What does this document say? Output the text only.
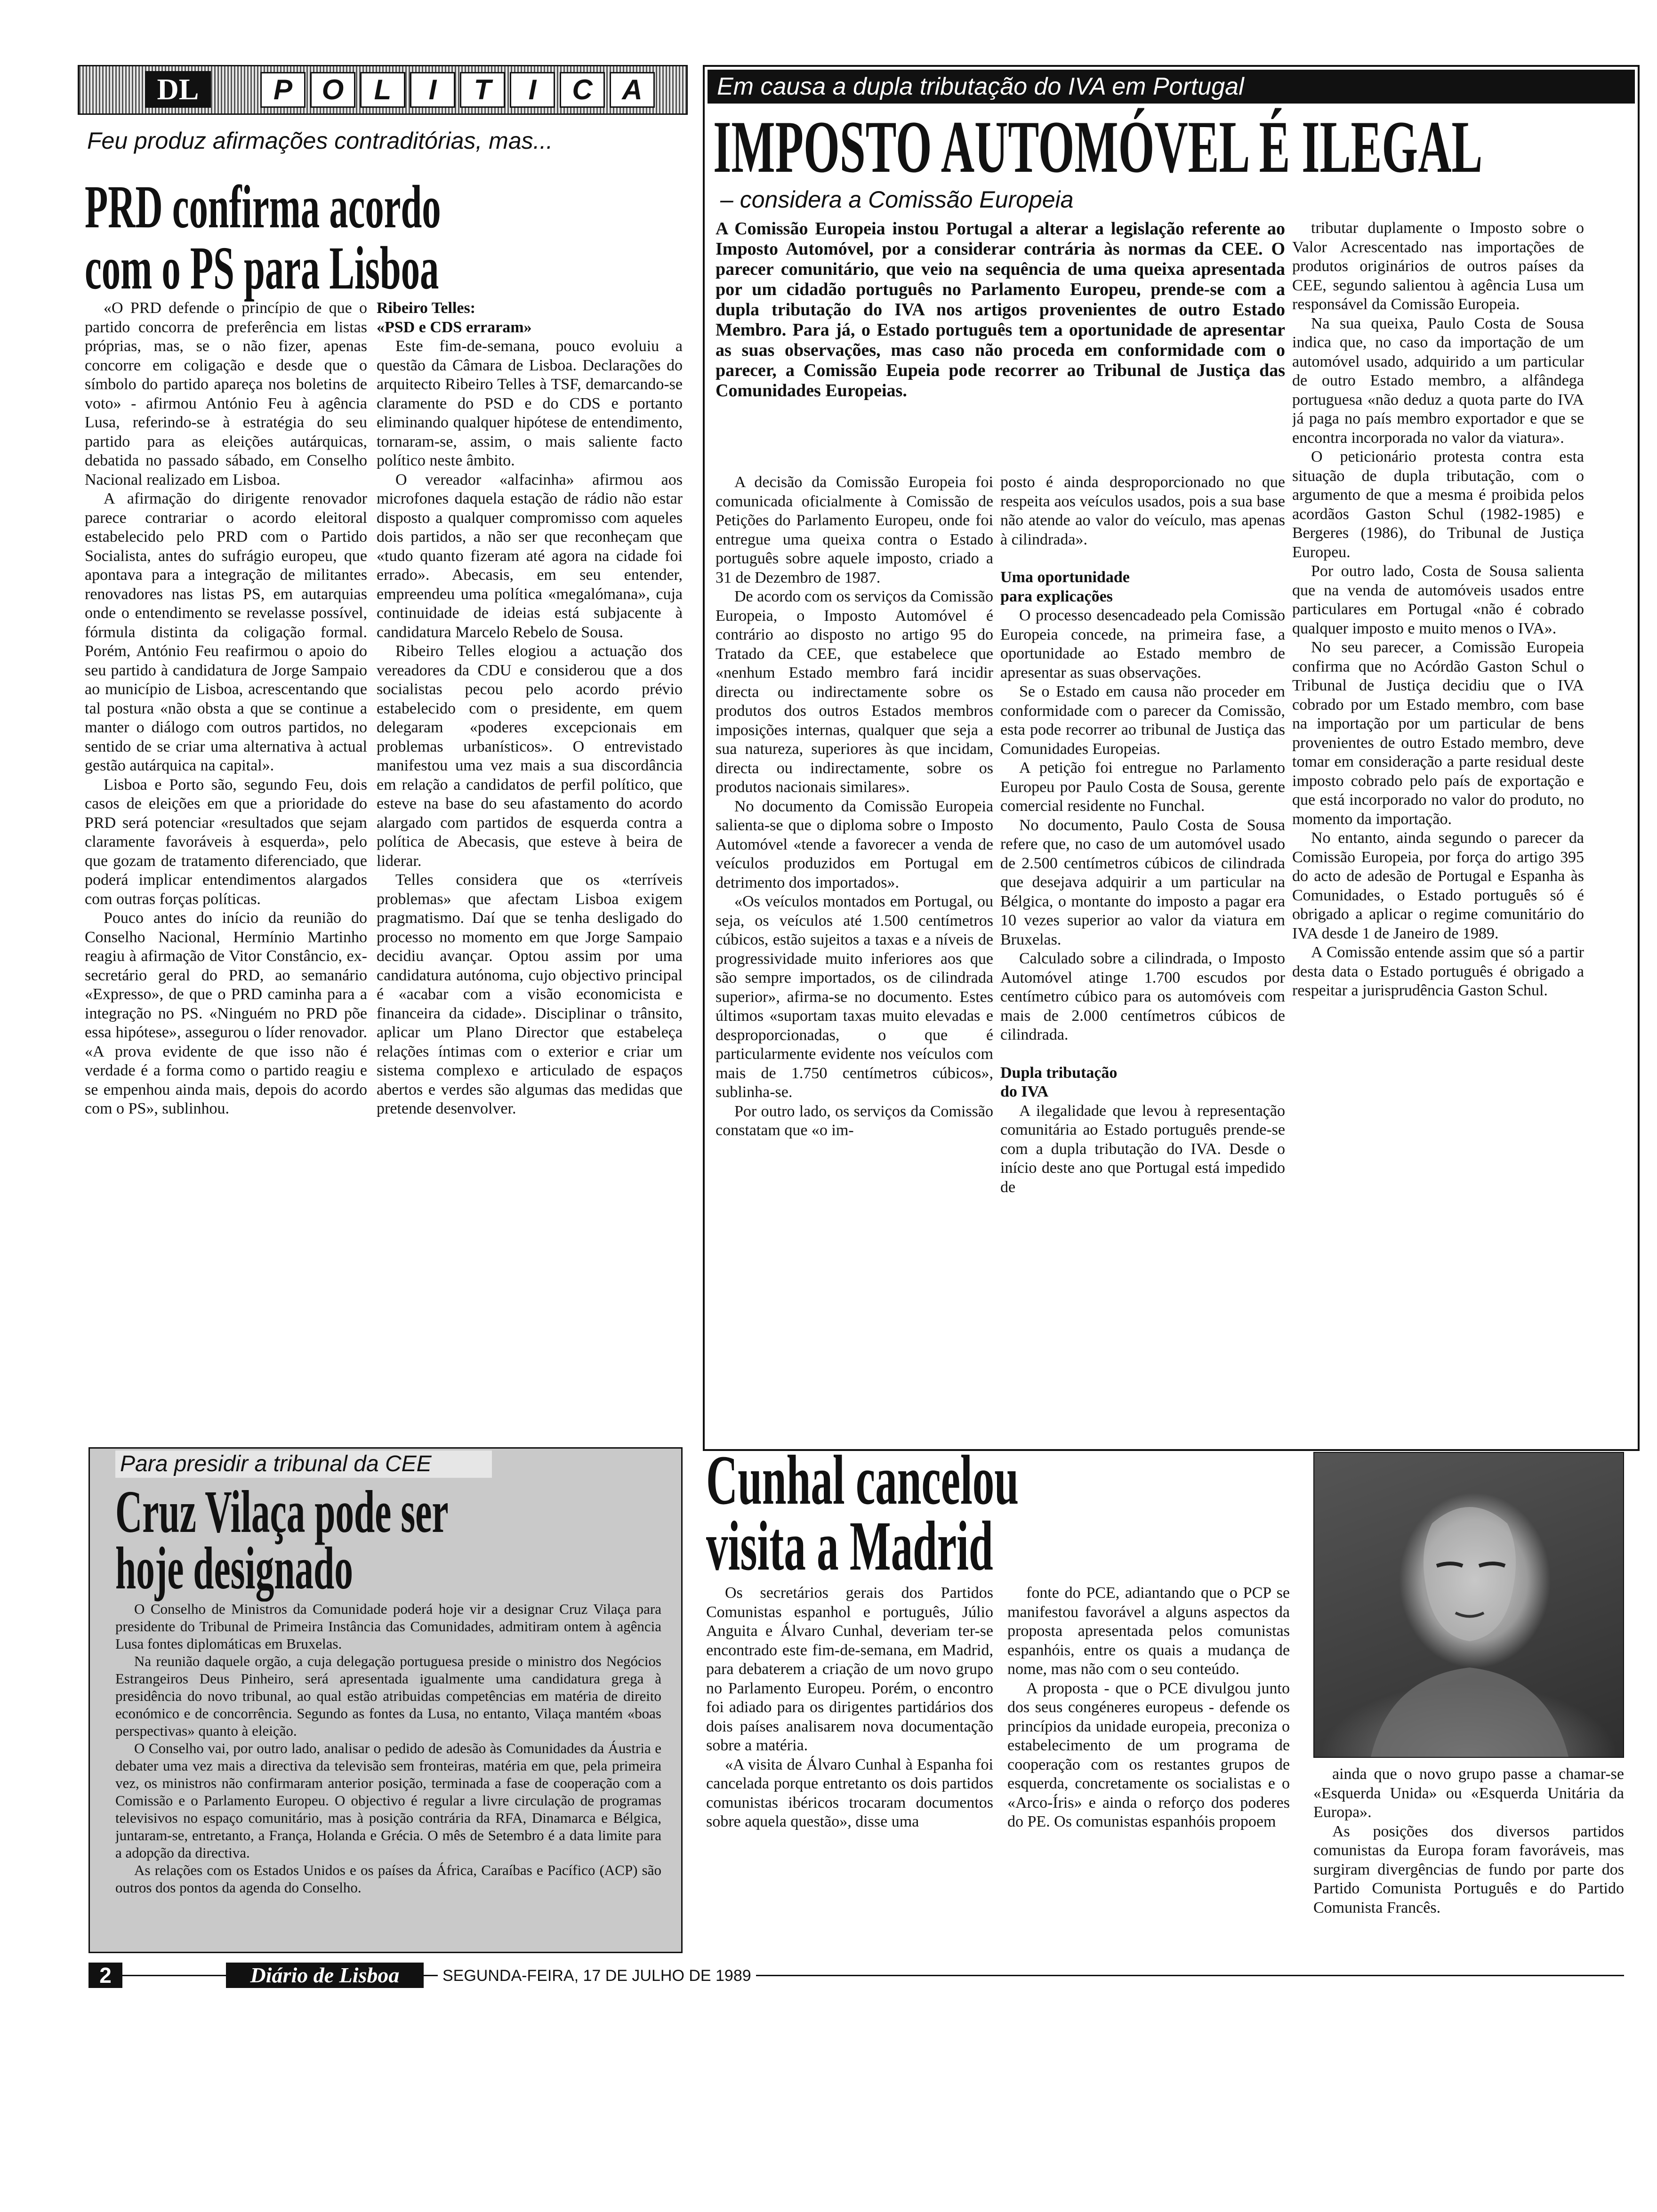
DL	P	O	L	I	T	I	C	A
Feu produz afirmações contraditórias, mas...
PRD confirma acordo
com o PS para Lisboa

«O PRD defende o princípio de que o partido concorra de preferência em listas próprias, mas, se o não fizer, apenas concorre em coligação e desde que o símbolo do partido apareça nos boletins de voto» - afirmou António Feu à agência Lusa, referindo-se à estratégia do seu partido para as eleições autárquicas, debatida no passado sábado, em Conselho Nacional realizado em Lisboa.

A afirmação do dirigente renovador parece contrariar o acordo eleitoral estabelecido pelo PRD com o Partido Socialista, antes do sufrágio europeu, que apontava para a integração de militantes renovadores nas listas PS, em autarquias onde o entendimento se revelasse possível, fórmula distinta da coligação formal. Porém, António Feu reafirmou o apoio do seu partido à candidatura de Jorge Sampaio ao município de Lisboa, acrescentando que tal postura «não obsta a que se continue a manter o diálogo com outros partidos, no sentido de se criar uma alternativa à actual gestão autárquica na capital».

Lisboa e Porto são, segundo Feu, dois casos de eleições em que a prioridade do PRD será potenciar «resultados que sejam claramente favoráveis à esquerda», pelo que gozam de tratamento diferenciado, que poderá implicar entendimentos alargados com outras forças políticas.

Pouco antes do início da reunião do Conselho Nacional, Hermínio Martinho reagiu à afirmação de Vitor Constâncio, ex-secretário geral do PRD, ao semanário «Expresso», de que o PRD caminha para a integração no PS. «Ninguém no PRD põe essa hipótese», assegurou o líder renovador. «A prova evidente de que isso não é verdade é a forma como o partido reagiu e se empenhou ainda mais, depois do acordo com o PS», sublinhou.

Ribeiro Telles:
«PSD e CDS erraram»

Este fim-de-semana, pouco evoluiu a questão da Câmara de Lisboa. Declarações do arquitecto Ribeiro Telles à TSF, demarcando-se claramente do PSD e do CDS e portanto eliminando qualquer hipótese de entendimento, tornaram-se, assim, o mais saliente facto político neste âmbito.

O vereador «alfacinha» afirmou aos microfones daquela estação de rádio não estar disposto a qualquer compromisso com aqueles dois partidos, a não ser que reconheçam que «tudo quanto fizeram até agora na cidade foi errado». Abecasis, em seu entender, empreendeu uma política «megalómana», cuja continuidade de ideias está subjacente à candidatura Marcelo Rebelo de Sousa.

Ribeiro Telles elogiou a actuação dos vereadores da CDU e considerou que a dos socialistas pecou pelo acordo prévio estabelecido com o presidente, em quem delegaram «poderes excepcionais em problemas urbanísticos». O entrevistado manifestou uma vez mais a sua discordância em relação a candidatos de perfil político, que esteve na base do seu afastamento do acordo alargado com partidos de esquerda contra a política de Abecasis, que esteve à beira de liderar.

Telles considera que os «terríveis problemas» que afectam Lisboa exigem pragmatismo. Daí que se tenha desligado do processo no momento em que Jorge Sampaio decidiu avançar. Optou assim por uma candidatura autónoma, cujo objectivo principal é «acabar com a visão economicista e financeira da cidade». Disciplinar o trânsito, aplicar um Plano Director que estabeleça relações íntimas com o exterior e criar um sistema complexo e articulado de espaços abertos e verdes são algumas das medidas que pretende desenvolver.

Em causa a dupla tributação do IVA em Portugal
IMPOSTO AUTOMÓVEL É ILEGAL
– considera a Comissão Europeia
A Comissão Europeia instou Portugal a alterar a legislação referente ao Imposto Automóvel, por a considerar contrária às normas da CEE. O parecer comunitário, que veio na sequência de uma queixa apresentada por um cidadão português no Parlamento Europeu, prende-se com a dupla tributação do IVA nos artigos provenientes de outro Estado Membro. Para já, o Estado português tem a oportunidade de apresentar as suas observações, mas caso não proceda em conformidade com o parecer, a Comissão Eupeia pode recorrer ao Tribunal de Justiça das Comunidades Europeias.

A decisão da Comissão Europeia foi comunicada oficialmente à Comissão de Petições do Parlamento Europeu, onde foi entregue uma queixa contra o Estado português sobre aquele imposto, criado a 31 de Dezembro de 1987.

De acordo com os serviços da Comissão Europeia, o Imposto Automóvel é contrário ao disposto no artigo 95 do Tratado da CEE, que estabelece que «nenhum Estado membro fará incidir directa ou indirectamente sobre os produtos dos outros Estados membros imposições internas, qualquer que seja a sua natureza, superiores às que incidam, directa ou indirectamente, sobre os produtos nacionais similares».

No documento da Comissão Europeia salienta-se que o diploma sobre o Imposto Automóvel «tende a favorecer a venda de veículos produzidos em Portugal em detrimento dos importados».

«Os veículos montados em Portugal, ou seja, os veículos até 1.500 centímetros cúbicos, estão sujeitos a taxas e a níveis de progressividade muito inferiores aos que são sempre importados, os de cilindrada superior», afirma-se no documento. Estes últimos «suportam taxas muito elevadas e desproporcionadas, o que é particularmente evidente nos veículos com mais de 1.750 centímetros cúbicos», sublinha-se.

Por outro lado, os serviços da Comissão constatam que «o im-

posto é ainda desproporcionado no que respeita aos veículos usados, pois a sua base não atende ao valor do veículo, mas apenas à cilindrada».

Uma oportunidade
para explicações

O processo desencadeado pela Comissão Europeia concede, na primeira fase, a oportunidade ao Estado membro de apresentar as suas observações.

Se o Estado em causa não proceder em conformidade com o parecer da Comissão, esta pode recorrer ao tribunal de Justiça das Comunidades Europeias.

A petição foi entregue no Parlamento Europeu por Paulo Costa de Sousa, gerente comercial residente no Funchal.

No documento, Paulo Costa de Sousa refere que, no caso de um automóvel usado de 2.500 centímetros cúbicos de cilindrada que desejava adquirir a um particular na Bélgica, o montante do imposto a pagar era 10 vezes superior ao valor da viatura em Bruxelas.

Calculado sobre a cilindrada, o Imposto Automóvel atinge 1.700 escudos por centímetro cúbico para os automóveis com mais de 2.000 centímetros cúbicos de cilindrada.

Dupla tributação
do IVA

A ilegalidade que levou à representação comunitária ao Estado português prende-se com a dupla tributação do IVA. Desde o início deste ano que Portugal está impedido de

tributar duplamente o Imposto sobre o Valor Acrescentado nas importações de produtos originários de outros países da CEE, segundo salientou à agência Lusa um responsável da Comissão Europeia.

Na sua queixa, Paulo Costa de Sousa indica que, no caso da importação de um automóvel usado, adquirido a um particular de outro Estado membro, a alfândega portuguesa «não deduz a quota parte do IVA já paga no país membro exportador e que se encontra incorporada no valor da viatura».

O peticionário protesta contra esta situação de dupla tributação, com o argumento de que a mesma é proibida pelos acordãos Gaston Schul (1982-1985) e Bergeres (1986), do Tribunal de Justiça Europeu.

Por outro lado, Costa de Sousa salienta que na venda de automóveis usados entre particulares em Portugal «não é cobrado qualquer imposto e muito menos o IVA».

No seu parecer, a Comissão Europeia confirma que no Acórdão Gaston Schul o Tribunal de Justiça decidiu que o IVA cobrado por um Estado membro, com base na importação por um particular de bens provenientes de outro Estado membro, deve tomar em consideração a parte residual deste imposto cobrado pelo país de exportação e que está incorporado no valor do produto, no momento da importação.

No entanto, ainda segundo o parecer da Comissão Europeia, por força do artigo 395 do acto de adesão de Portugal e Espanha às Comunidades, o Estado português só é obrigado a aplicar o regime comunitário do IVA desde 1 de Janeiro de 1989.

A Comissão entende assim que só a partir desta data o Estado português é obrigado a respeitar a jurisprudência Gaston Schul.

Para presidir a tribunal da CEE
Cruz Vilaça pode ser
hoje designado

O Conselho de Ministros da Comunidade poderá hoje vir a designar Cruz Vilaça para presidente do Tribunal de Primeira Instância das Comunidades, admitiram ontem à agência Lusa fontes diplomáticas em Bruxelas.

Na reunião daquele orgão, a cuja delegação portuguesa preside o ministro dos Negócios Estrangeiros Deus Pinheiro, será apresentada igualmente uma candidatura grega à presidência do novo tribunal, ao qual estão atribuidas competências em matéria de direito económico e de concorrência. Segundo as fontes da Lusa, no entanto, Vilaça mantém «boas perspectivas» quanto à eleição.

O Conselho vai, por outro lado, analisar o pedido de adesão às Comunidades da Áustria e debater uma vez mais a directiva da televisão sem fronteiras, matéria em que, pela primeira vez, os ministros não confirmaram anterior posição, terminada a fase de cooperação com a Comissão e o Parlamento Europeu. O objectivo é regular a livre circulação de programas televisivos no espaço comunitário, mas à posição contrária da RFA, Dinamarca e Bélgica, juntaram-se, entretanto, a França, Holanda e Grécia. O mês de Setembro é a data limite para a adopção da directiva.

As relações com os Estados Unidos e os países da África, Caraíbas e Pacífico (ACP) são outros dos pontos da agenda do Conselho.

Cunhal cancelou
visita a Madrid

Os secretários gerais dos Partidos Comunistas espanhol e português, Júlio Anguita e Álvaro Cunhal, deveriam ter-se encontrado este fim-de-semana, em Madrid, para debaterem a criação de um novo grupo no Parlamento Europeu. Porém, o encontro foi adiado para os dirigentes partidários dos dois países analisarem nova documentação sobre a matéria.

«A visita de Álvaro Cunhal à Espanha foi cancelada porque entretanto os dois partidos comunistas ibéricos trocaram documentos sobre aquela questão», disse uma

fonte do PCE, adiantando que o PCP se manifestou favorável a alguns aspectos da proposta apresentada pelos comunistas espanhóis, entre os quais a mudança de nome, mas não com o seu conteúdo.

A proposta - que o PCE divulgou junto dos seus congéneres europeus - defende os princípios da unidade europeia, preconiza o estabelecimento de um programa de cooperação com os restantes grupos de esquerda, concretamente os socialistas e o «Arco-Íris» e ainda o reforço dos poderes do PE. Os comunistas espanhóis propoem

ainda que o novo grupo passe a chamar-se «Esquerda Unida» ou «Esquerda Unitária da Europa».

As posições dos diversos partidos comunistas da Europa foram favoráveis, mas surgiram divergências de fundo por parte dos Partido Comunista Português e do Partido Comunista Francês.

2	Diário de Lisboa	SEGUNDA-FEIRA, 17 DE JULHO DE 1989
